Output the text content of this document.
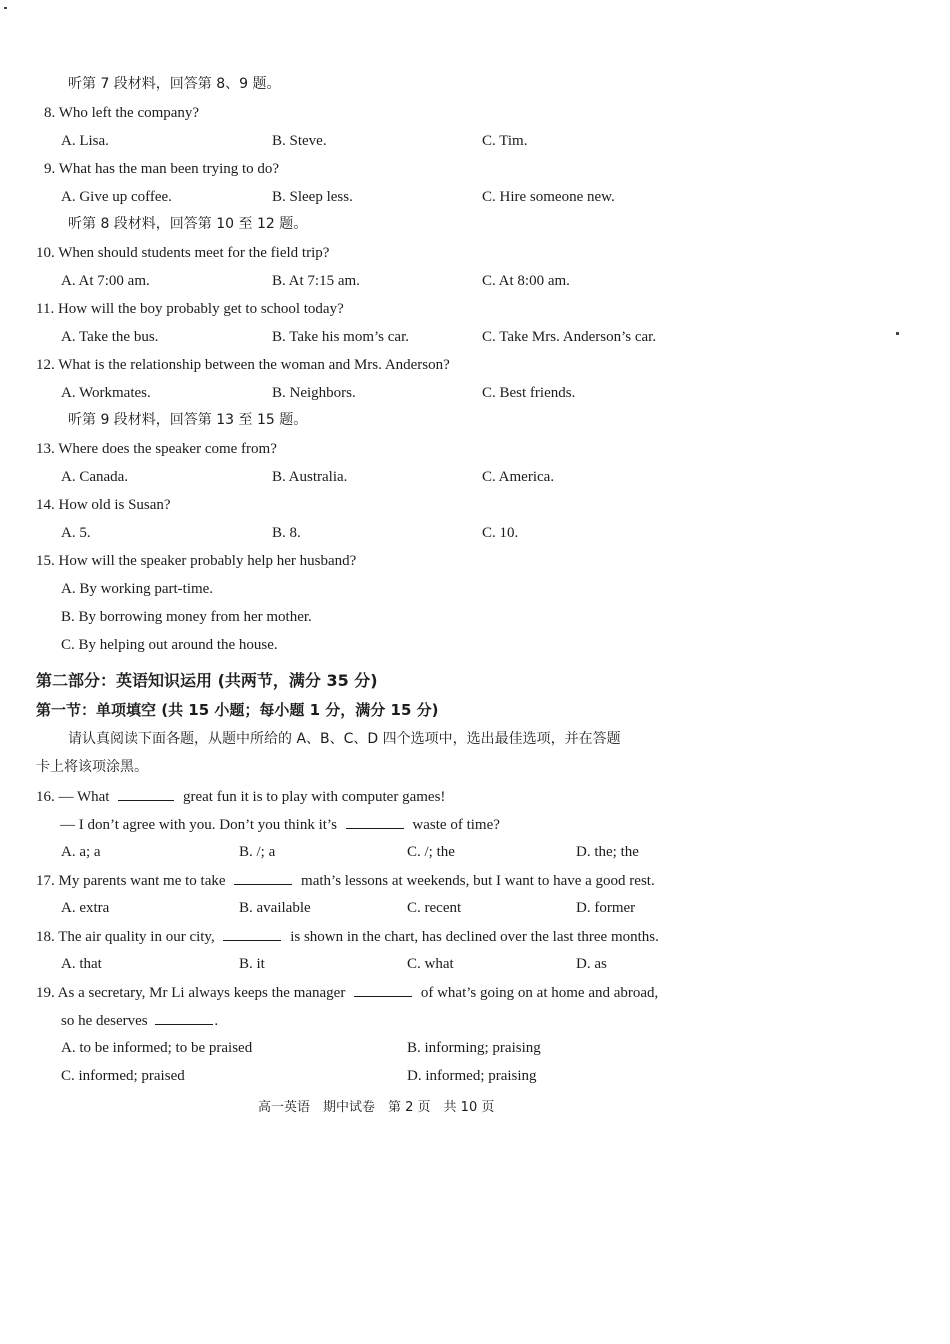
听第 7 段材料，回答第 8、9 题。
8. Who left the company?
A. Lisa.	B. Steve.	C. Tim.
9. What has the man been trying to do?
A. Give up coffee.	B. Sleep less.	C. Hire someone new.
听第 8 段材料，回答第 10 至 12 题。
10. When should students meet for the field trip?
A. At 7:00 am.	B. At 7:15 am.	C. At 8:00 am.
11. How will the boy probably get to school today?
A. Take the bus.	B. Take his mom’s car.	C. Take Mrs. Anderson’s car.
12. What is the relationship between the woman and Mrs. Anderson?
A. Workmates.	B. Neighbors.	C. Best friends.
听第 9 段材料，回答第 13 至 15 题。
13. Where does the speaker come from?
A. Canada.	B. Australia.	C. America.
14. How old is Susan?
A. 5.	B. 8.	C. 10.
15. How will the speaker probably help her husband?
A. By working part-time.
B. By borrowing money from her mother.
C. By helping out around the house.
第二部分：英语知识运用 (共两节，满分 35 分)
第一节：单项填空 (共 15 小题；每小题 1 分，满分 15 分)
请认真阅读下面各题，从题中所给的 A、B、C、D 四个选项中，选出最佳选项，并在答题
卡上将该项涂黑。
16. — What	great fun it is to play with computer games!
— I don’t agree with you. Don’t you think it’s	waste of time?
A. a; a	B. /; a	C. /; the	D. the; the
17. My parents want me to take	math’s lessons at weekends, but I want to have a good rest.
A. extra	B. available	C. recent	D. former
18. The air quality in our city,	is shown in the chart, has declined over the last three months.
A. that	B. it	C. what	D. as
19. As a secretary, Mr Li always keeps the manager	of what’s going on at home and abroad,
so he deserves	.
A. to be informed; to be praised	B. informing; praising
C. informed; praised	D. informed; praising
高一英语　期中试卷　第 2 页　共 10 页
